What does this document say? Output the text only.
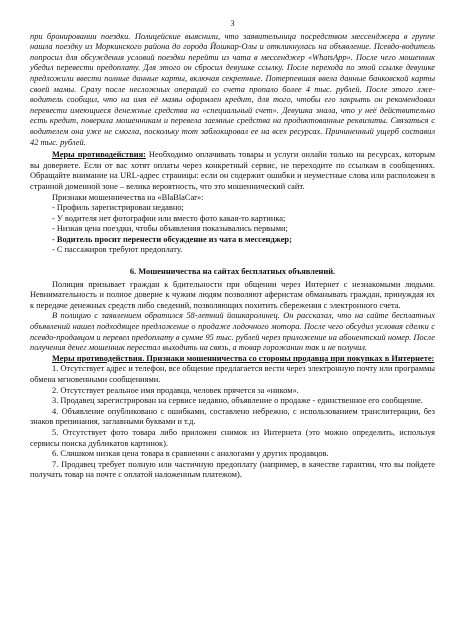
3

при бронировании поездки. Полицейские выяснили, что заявительница посредством мессенджера в группе нашла поездку из Моркинского района до города Йошкар-Олы и откликнулась на объявление. Псевдо-водитель попросил для обсуждения условий поездки перейти из чата в мессенджер «WhatsApp». После чего мошенник убедил перевести предоплату. Для этого он сбросил девушке ссылку. После перехода по этой ссылке девушке предложили ввести полные данные карты, включая секретные. Потерпевшая ввела данные банковской карты своей мамы. Сразу после несложных операций со счета пропало более 4 тыс. рублей. После этого лже-водитель сообщил, что на имя её мамы оформлен кредит, для того, чтобы его закрыть он рекомендовал перевести имеющиеся денежные средства на «специальный счет». Девушка знала, что у неё действительно есть кредит, поверила мошенникам и перевела заемные средства на продиктованные реквизиты. Связаться с водителем она уже не смогла, поскольку тот заблокировал ее на всех ресурсах. Причиненный ущерб составил 42 тыс. рублей.

Меры противодействия: Необходимо оплачивать товары и услуги онлайн только на ресурсах, которым вы доверяете. Если от вас хотят оплаты через конкретный сервис, не переходите по ссылкам в сообщениях. Обращайте внимание на URL-адрес страницы: если он содержит ошибки и неуместные слова или расположен в странной доменной зоне – велика вероятность, что это мошеннический сайт.

Признаки мошенничества на «BlaBlaCar»:

- Профиль зарегистрирован недавно;

- У водителя нет фотографии или вместо фото какая-то картинка;

- Низкая цена поездки, чтобы объявления показывались первыми;

- Водитель просит перенести обсуждение из чата в мессенджер;

- С пассажиров требуют предоплату.

6. Мошенничества на сайтах бесплатных объявлений.

Полиция призывает граждан к бдительности при общении через Интернет с незнакомыми людьми. Невнимательность и полное доверие к чужим людям позволяют аферистам обманывать граждан, принуждая их к передаче денежных средств либо сведений, позволяющих похитить сбережения с электронного счета.

В полицию с заявлением обратился 58-летний йошкаролинец. Он рассказал, что на сайте бесплатных объявлений нашел подходящее предложение о продаже лодочного мотора. После чего обсудил условия сделки с псевдо-продавцом и перевел предоплату в сумме 95 тыс. рублей через приложение на абонентский номер. После получения денег мошенник перестал выходить на связь, а товар горожанин так и не получил.

Меры противодействия. Признаки мошенничества со стороны продавца при покупках в Интернете:

1. Отсутствует адрес и телефон, все общение предлагается вести через электронную почту или программы обмена мгновенными сообщениями.

2. Отсутствует реальное имя продавца, человек прячется за «ником».

3. Продавец зарегистрирован на сервисе недавно, объявление о продаже - единственное его сообщение.

4. Объявление опубликовано с ошибками, составлено небрежно, с использованием транслитерации, без знаков препинания, заглавными буквами и т.д.

5. Отсутствует фото товара либо приложен снимок из Интернета (это можно определить, используя сервисы поиска дубликатов картинок).

6. Слишком низкая цена товара в сравнении с аналогами у других продавцов.

7. Продавец требует полную или частичную предоплату (например, в качестве гарантии, что вы пойдете получать товар на почте с оплатой наложенным платежом).
